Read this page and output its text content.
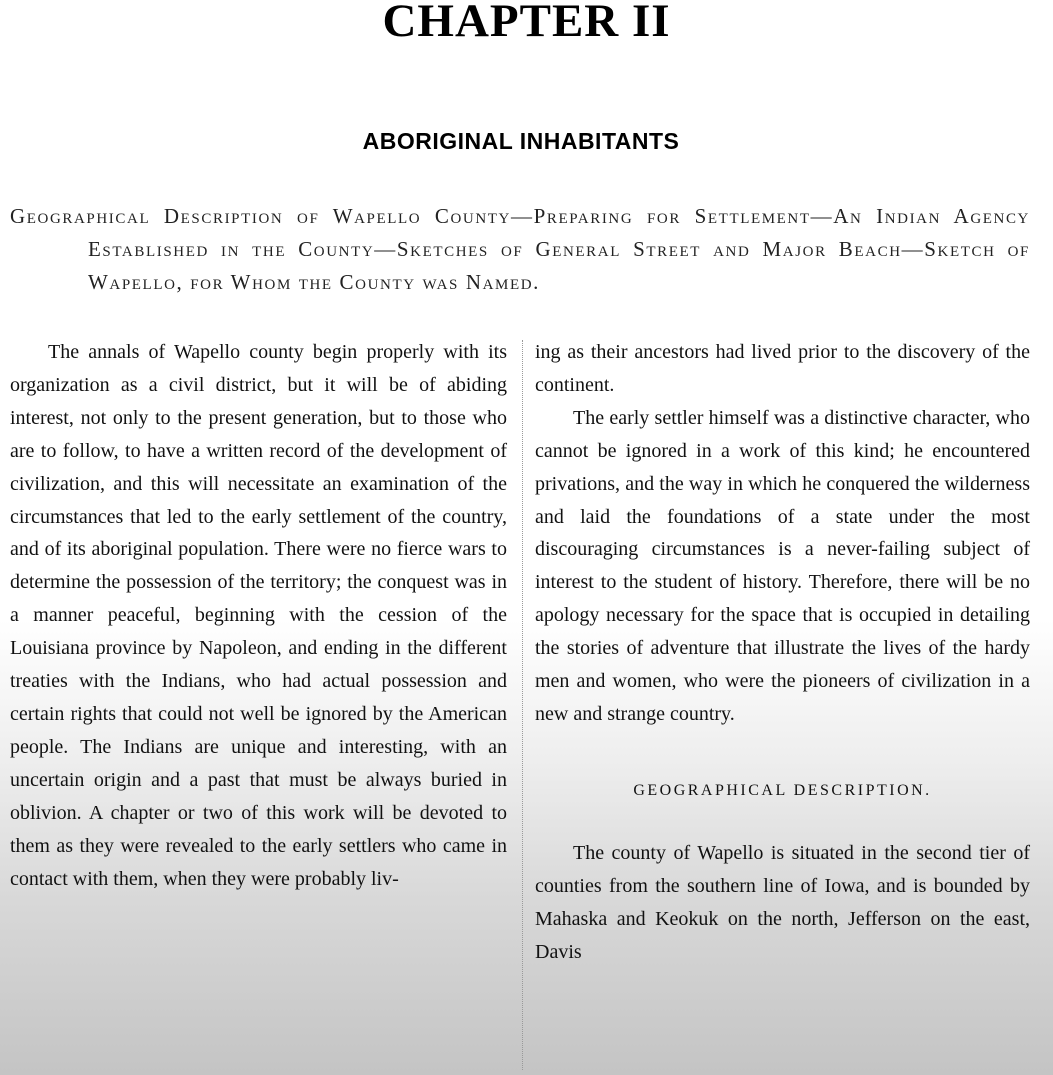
CHAPTER II
ABORIGINAL INHABITANTS

Geographical Description of Wapello County—Preparing for Settlement—An Indian Agency Established in the County—Sketches of General Street and Major Beach—Sketch of Wapello, for Whom the County was Named.

The annals of Wapello county begin properly with its organization as a civil district, but it will be of abiding interest, not only to the present generation, but to those who are to follow, to have a written record of the development of civilization, and this will necessitate an examination of the circumstances that led to the early settlement of the country, and of its aboriginal population. There were no fierce wars to determine the possession of the territory; the conquest was in a manner peaceful, beginning with the cession of the Louisiana province by Napoleon, and ending in the different treaties with the Indians, who had actual possession and certain rights that could not well be ignored by the American people. The Indians are unique and interesting, with an uncertain origin and a past that must be always buried in oblivion. A chapter or two of this work will be devoted to them as they were revealed to the early settlers who came in contact with them, when they were probably liv-

ing as their ancestors had lived prior to the discovery of the continent.

The early settler himself was a distinctive character, who cannot be ignored in a work of this kind; he encountered privations, and the way in which he conquered the wilderness and laid the foundations of a state under the most discouraging circumstances is a never-failing subject of interest to the student of history. Therefore, there will be no apology necessary for the space that is occupied in detailing the stories of adventure that illustrate the lives of the hardy men and women, who were the pioneers of civilization in a new and strange country.

GEOGRAPHICAL DESCRIPTION.

The county of Wapello is situated in the second tier of counties from the southern line of Iowa, and is bounded by Mahaska and Keokuk on the north, Jefferson on the east, Davis
